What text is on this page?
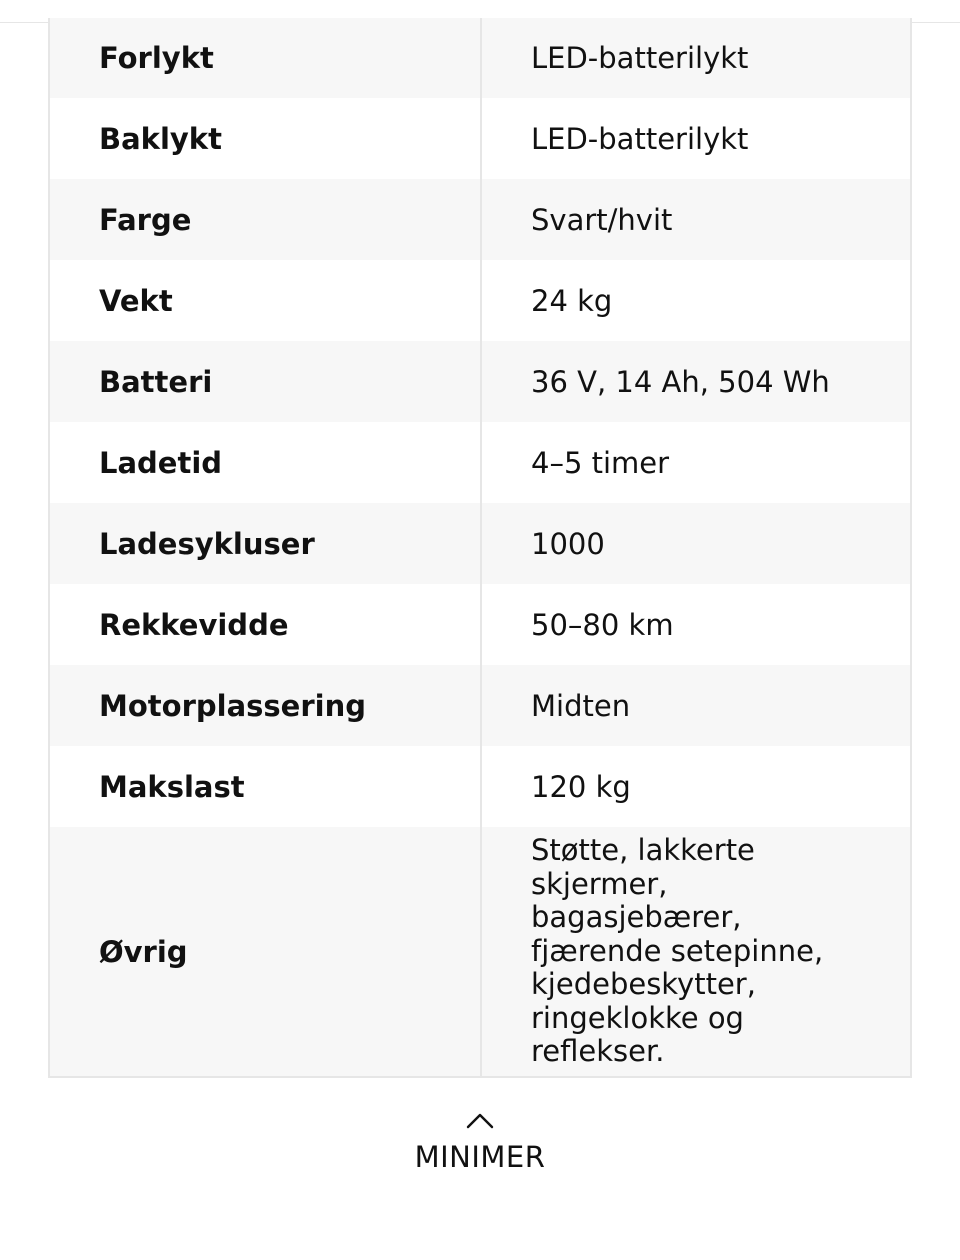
Forlykt	LED-batterilykt
Baklykt	LED-batterilykt
Farge	Svart/hvit
Vekt	24 kg
Batteri	36 V, 14 Ah, 504 Wh
Ladetid	4–5 timer
Ladesykluser	1000
Rekkevidde	50–80 km
Motorplassering	Midten
Makslast	120 kg
Øvrig	Støtte, lakkerte skjermer, bagasjebærer, fjærende setepinne, kjedebeskytter, ringeklokke og reflekser.
MINIMER
